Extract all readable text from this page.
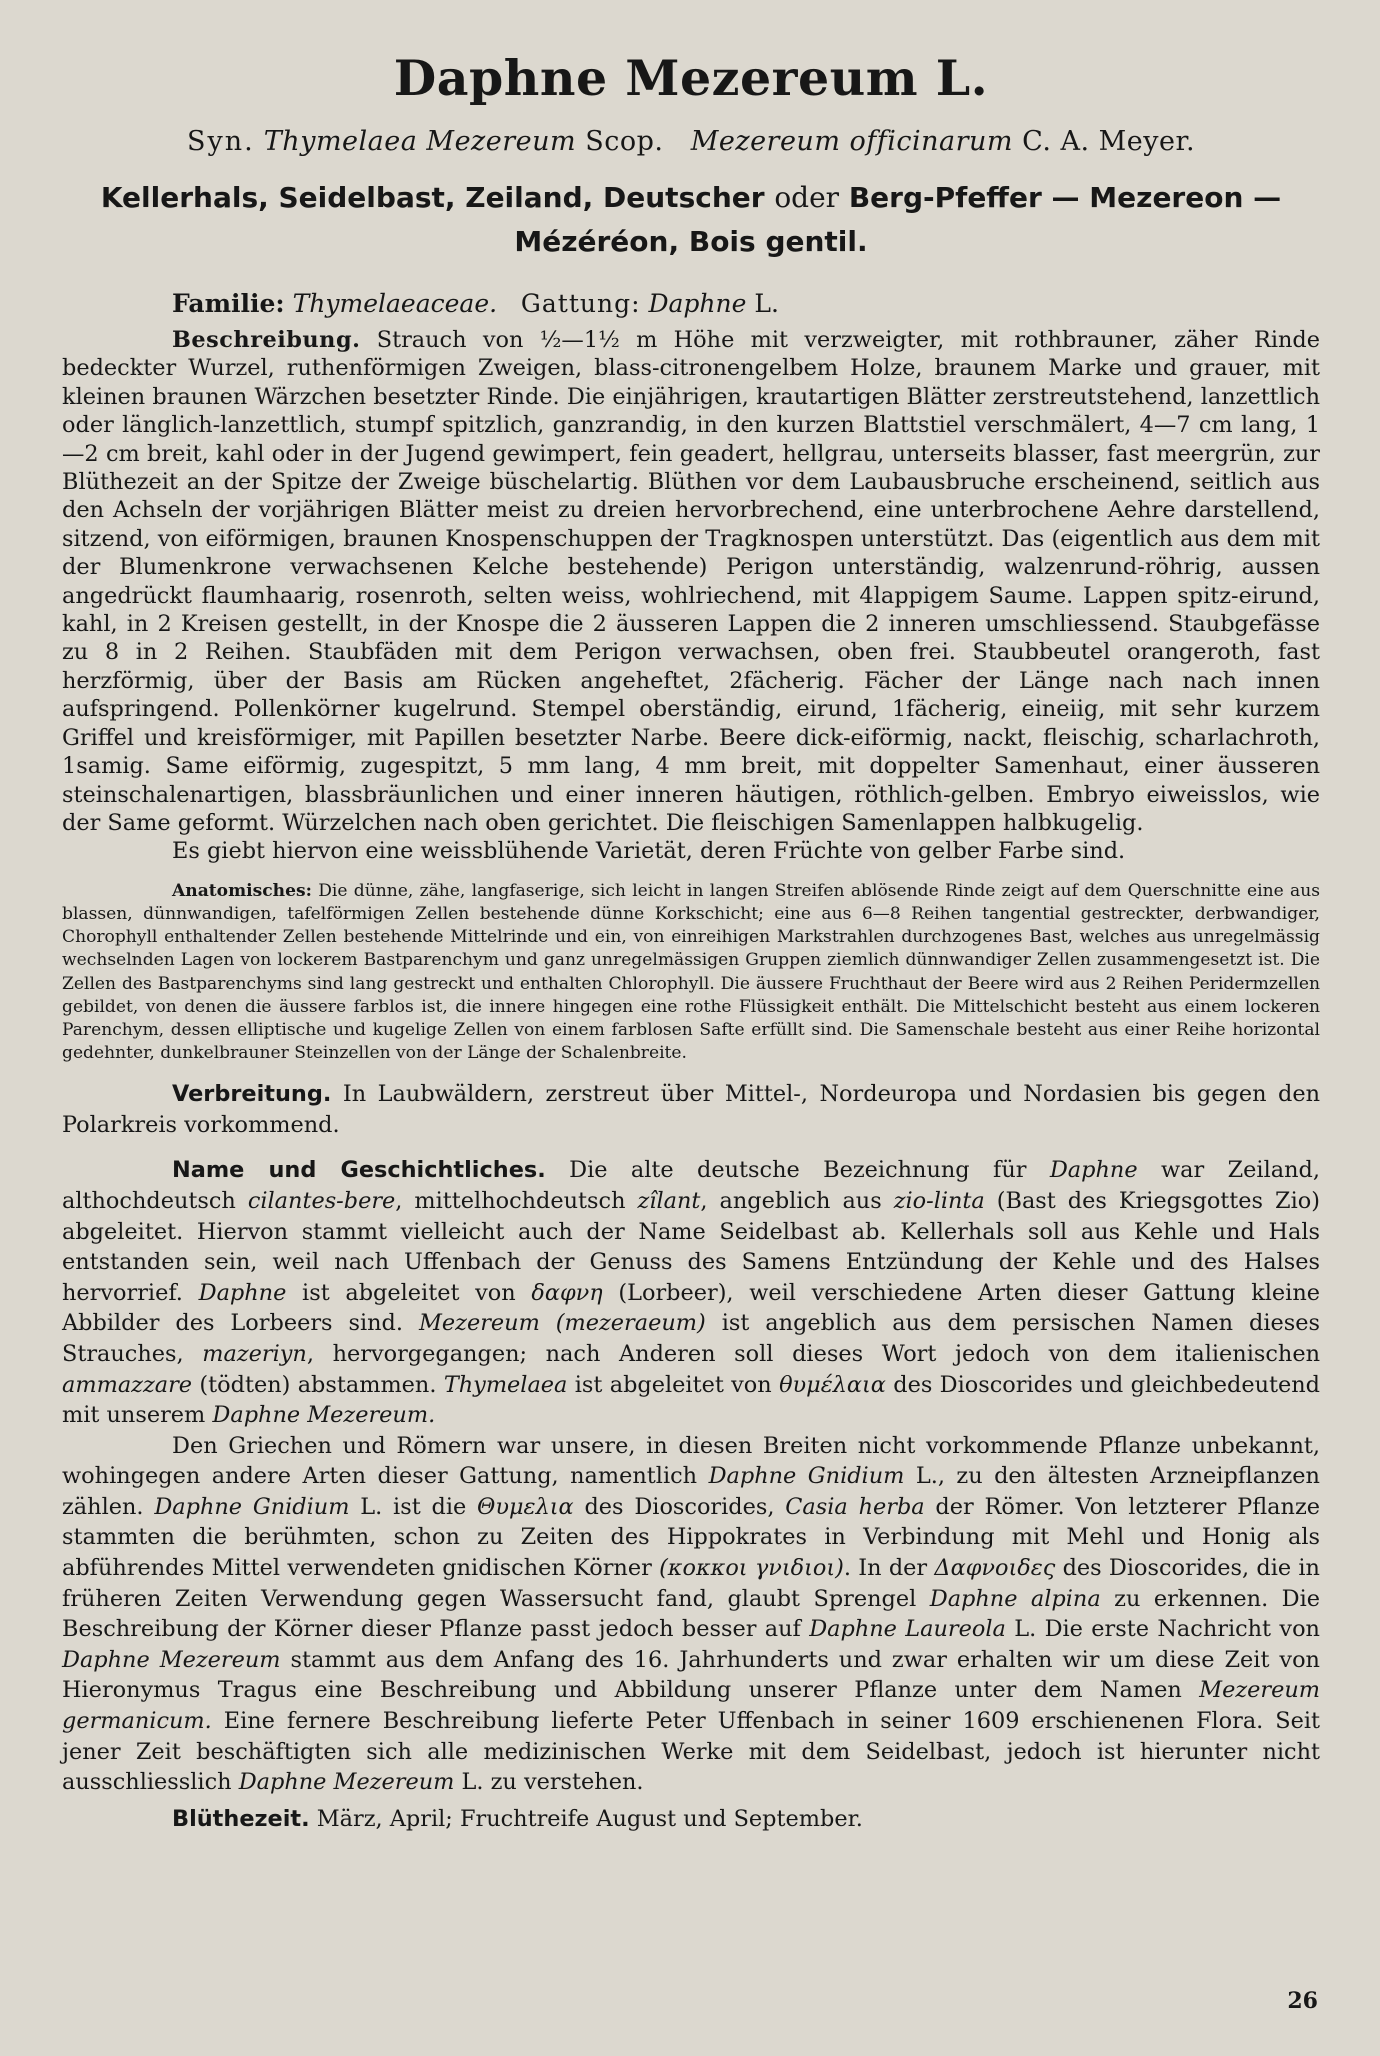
Daphne Mezereum L.

Syn. Thymelaea Mezereum Scop. Mezereum officinarum C. A. Meyer.

Kellerhals, Seidelbast, Zeiland, Deutscher oder Berg-Pfeffer — Mezereon — Mézéréon, Bois gentil.

Familie: Thymelaeaceae. Gattung: Daphne L.

Beschreibung. Strauch von ½—1½ m Höhe mit verzweigter, mit rothbrauner, zäher Rinde bedeckter Wurzel, ruthenförmigen Zweigen, blass-citronengelbem Holze, braunem Marke und grauer, mit kleinen braunen Wärzchen besetzter Rinde. Die einjährigen, krautartigen Blätter zerstreutstehend, lanzettlich oder länglich-lanzettlich, stumpf spitzlich, ganzrandig, in den kurzen Blattstiel verschmälert, 4—7 cm lang, 1—2 cm breit, kahl oder in der Jugend gewimpert, fein geadert, hellgrau, unterseits blasser, fast meergrün, zur Blüthezeit an der Spitze der Zweige büschelartig. Blüthen vor dem Laubausbruche erscheinend, seitlich aus den Achseln der vorjährigen Blätter meist zu dreien hervorbrechend, eine unterbrochene Aehre darstellend, sitzend, von eiförmigen, braunen Knospenschuppen der Tragknospen unterstützt. Das (eigentlich aus dem mit der Blumenkrone verwachsenen Kelche bestehende) Perigon unterständig, walzenrund-röhrig, aussen angedrückt flaumhaarig, rosenroth, selten weiss, wohlriechend, mit 4lappigem Saume. Lappen spitz-eirund, kahl, in 2 Kreisen gestellt, in der Knospe die 2 äusseren Lappen die 2 inneren umschliessend. Staubgefässe zu 8 in 2 Reihen. Staubfäden mit dem Perigon verwachsen, oben frei. Staubbeutel orangeroth, fast herzförmig, über der Basis am Rücken angeheftet, 2fächerig. Fächer der Länge nach nach innen aufspringend. Pollenkörner kugelrund. Stempel oberständig, eirund, 1fächerig, eineiig, mit sehr kurzem Griffel und kreisförmiger, mit Papillen besetzter Narbe. Beere dick-eiförmig, nackt, fleischig, scharlachroth, 1samig. Same eiförmig, zugespitzt, 5 mm lang, 4 mm breit, mit doppelter Samenhaut, einer äusseren steinschalenartigen, blassbräunlichen und einer inneren häutigen, röthlich-gelben. Embryo eiweisslos, wie der Same geformt. Würzelchen nach oben gerichtet. Die fleischigen Samenlappen halbkugelig.

Es giebt hiervon eine weissblühende Varietät, deren Früchte von gelber Farbe sind.

Anatomisches: Die dünne, zähe, langfaserige, sich leicht in langen Streifen ablösende Rinde zeigt auf dem Querschnitte eine aus blassen, dünnwandigen, tafelförmigen Zellen bestehende dünne Korkschicht; eine aus 6—8 Reihen tangential gestreckter, derbwandiger, Chorophyll enthaltender Zellen bestehende Mittelrinde und ein, von einreihigen Markstrahlen durchzogenes Bast, welches aus unregelmässig wechselnden Lagen von lockerem Bastparenchym und ganz unregelmässigen Gruppen ziemlich dünnwandiger Zellen zusammengesetzt ist. Die Zellen des Bastparenchyms sind lang gestreckt und enthalten Chlorophyll. Die äussere Fruchthaut der Beere wird aus 2 Reihen Peridermzellen gebildet, von denen die äussere farblos ist, die innere hingegen eine rothe Flüssigkeit enthält. Die Mittelschicht besteht aus einem lockeren Parenchym, dessen elliptische und kugelige Zellen von einem farblosen Safte erfüllt sind. Die Samenschale besteht aus einer Reihe horizontal gedehnter, dunkelbrauner Steinzellen von der Länge der Schalenbreite.

Verbreitung. In Laubwäldern, zerstreut über Mittel-, Nordeuropa und Nordasien bis gegen den Polarkreis vorkommend.

Name und Geschichtliches. Die alte deutsche Bezeichnung für Daphne war Zeiland, althochdeutsch cilantes-bere, mittelhochdeutsch zîlant, angeblich aus zio-linta (Bast des Kriegsgottes Zio) abgeleitet. Hiervon stammt vielleicht auch der Name Seidelbast ab. Kellerhals soll aus Kehle und Hals entstanden sein, weil nach Uffenbach der Genuss des Samens Entzündung der Kehle und des Halses hervorrief. Daphne ist abgeleitet von δαφνη (Lorbeer), weil verschiedene Arten dieser Gattung kleine Abbilder des Lorbeers sind. Mezereum (mezeraeum) ist angeblich aus dem persischen Namen dieses Strauches, mazeriyn, hervorgegangen; nach Anderen soll dieses Wort jedoch von dem italienischen ammazzare (tödten) abstammen. Thymelaea ist abgeleitet von θυμέλαια des Dioscorides und gleichbedeutend mit unserem Daphne Mezereum.

Den Griechen und Römern war unsere, in diesen Breiten nicht vorkommende Pflanze unbekannt, wohingegen andere Arten dieser Gattung, namentlich Daphne Gnidium L., zu den ältesten Arzneipflanzen zählen. Daphne Gnidium L. ist die Θυμελια des Dioscorides, Casia herba der Römer. Von letzterer Pflanze stammten die berühmten, schon zu Zeiten des Hippokrates in Verbindung mit Mehl und Honig als abführendes Mittel verwendeten gnidischen Körner (κοκκοι γνιδιοι). In der Δαφνοιδες des Dioscorides, die in früheren Zeiten Verwendung gegen Wassersucht fand, glaubt Sprengel Daphne alpina zu erkennen. Die Beschreibung der Körner dieser Pflanze passt jedoch besser auf Daphne Laureola L. Die erste Nachricht von Daphne Mezereum stammt aus dem Anfang des 16. Jahrhunderts und zwar erhalten wir um diese Zeit von Hieronymus Tragus eine Beschreibung und Abbildung unserer Pflanze unter dem Namen Mezereum germanicum. Eine fernere Beschreibung lieferte Peter Uffenbach in seiner 1609 erschienenen Flora. Seit jener Zeit beschäftigten sich alle medizinischen Werke mit dem Seidelbast, jedoch ist hierunter nicht ausschliesslich Daphne Mezereum L. zu verstehen.

Blüthezeit. März, April; Fruchtreife August und September.

26
